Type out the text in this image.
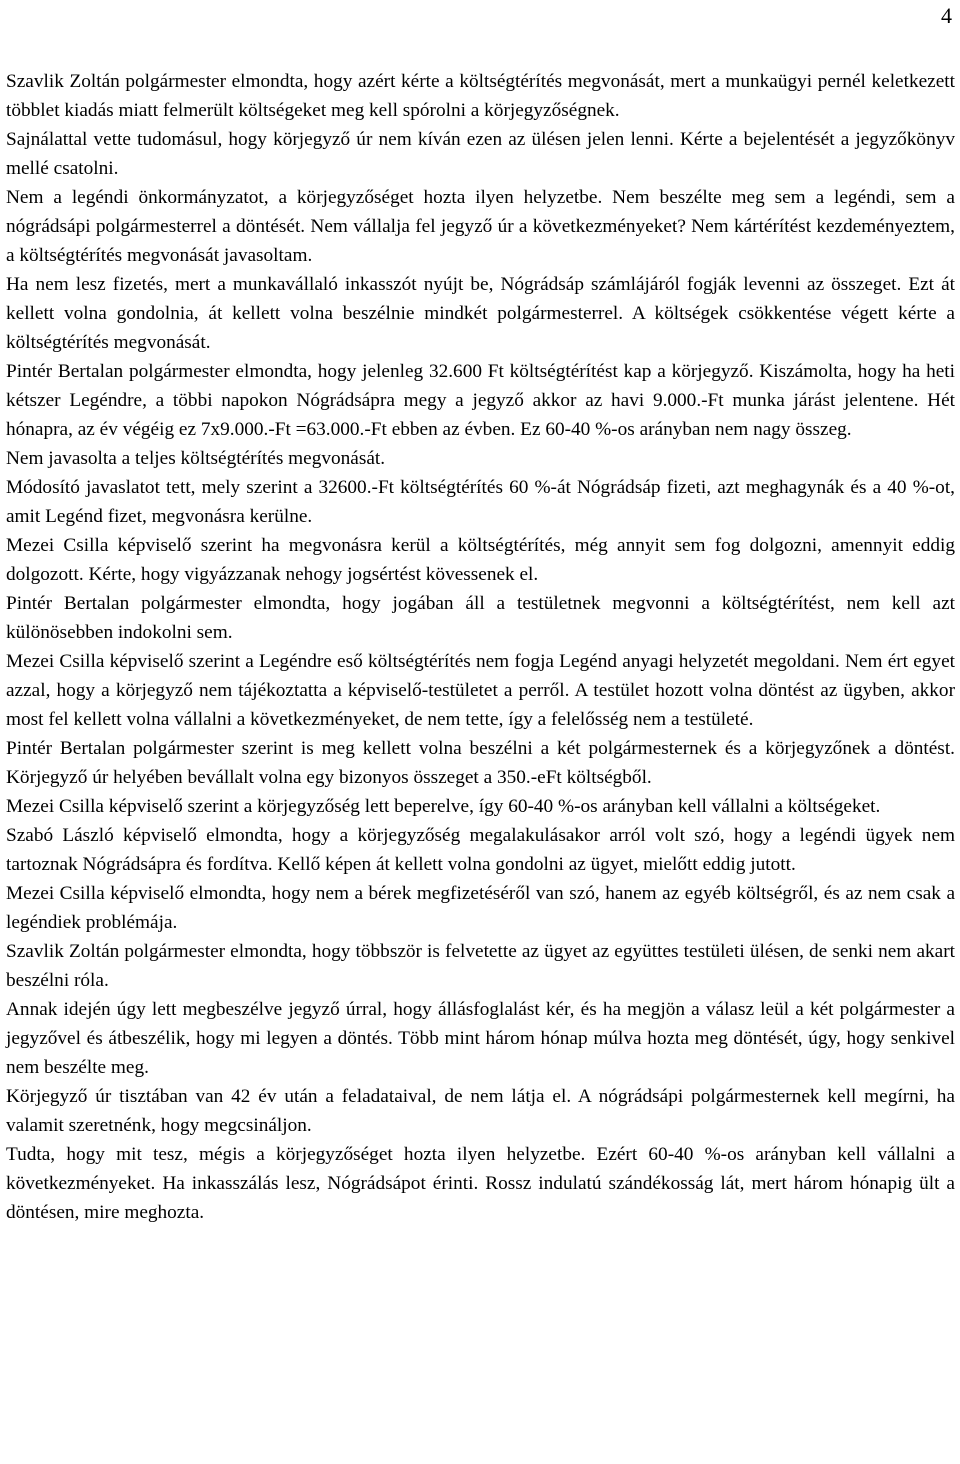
4

Szavlik Zoltán polgármester elmondta, hogy azért kérte a költségtérítés megvonását, mert a munkaügyi pernél keletkezett többlet kiadás miatt felmerült költségeket meg kell spórolni a körjegyzőségnek.

Sajnálattal vette tudomásul, hogy körjegyző úr nem kíván ezen az ülésen jelen lenni. Kérte a bejelentését a jegyzőkönyv mellé csatolni.

Nem a legéndi önkormányzatot, a körjegyzőséget hozta ilyen helyzetbe. Nem beszélte meg sem a legéndi, sem a nógrádsápi polgármesterrel a döntését. Nem vállalja fel jegyző úr a következményeket? Nem kártérítést kezdeményeztem, a költségtérítés megvonását javasoltam.

Ha nem lesz fizetés, mert a munkavállaló inkasszót nyújt be, Nógrádsáp számlájáról fogják levenni az összeget. Ezt át kellett volna gondolnia, át kellett volna beszélnie mindkét polgármesterrel. A költségek csökkentése végett kérte a költségtérítés megvonását.

Pintér Bertalan polgármester elmondta, hogy jelenleg 32.600 Ft költségtérítést kap a körjegyző. Kiszámolta, hogy ha heti kétszer Legéndre, a többi napokon Nógrádsápra megy a jegyző akkor az havi 9.000.-Ft munka járást jelentene. Hét hónapra, az év végéig ez 7x9.000.-Ft =63.000.-Ft ebben az évben. Ez 60-40 %-os arányban nem nagy összeg.

Nem javasolta a teljes költségtérítés megvonását.

Módosító javaslatot tett, mely szerint a 32600.-Ft költségtérítés 60 %-át Nógrádsáp fizeti, azt meghagynák és a 40 %-ot, amit Legénd fizet, megvonásra kerülne.

Mezei Csilla képviselő szerint ha megvonásra kerül a költségtérítés, még annyit sem fog dolgozni, amennyit eddig dolgozott. Kérte, hogy vigyázzanak nehogy jogsértést kövessenek el.

Pintér Bertalan polgármester elmondta, hogy jogában áll a testületnek megvonni a költségtérítést, nem kell azt különösebben indokolni sem.

Mezei Csilla képviselő szerint a Legéndre eső költségtérítés nem fogja Legénd anyagi helyzetét megoldani. Nem ért egyet azzal, hogy a körjegyző nem tájékoztatta a képviselő-testületet a perről. A testület hozott volna döntést az ügyben, akkor most fel kellett volna vállalni a következményeket, de nem tette, így a felelősség nem a testületé.

Pintér Bertalan polgármester szerint is meg kellett volna beszélni a két polgármesternek és a körjegyzőnek a döntést. Körjegyző úr helyében bevállalt volna egy bizonyos összeget a 350.-eFt költségből.

Mezei Csilla képviselő szerint a körjegyzőség lett beperelve, így 60-40 %-os arányban kell vállalni a költségeket.

Szabó László képviselő elmondta, hogy a körjegyzőség megalakulásakor arról volt szó, hogy a legéndi ügyek nem tartoznak Nógrádsápra és fordítva. Kellő képen át kellett volna gondolni az ügyet, mielőtt eddig jutott.

Mezei Csilla képviselő elmondta, hogy nem a bérek megfizetéséről van szó, hanem az egyéb költségről, és az nem csak a legéndiek problémája.

Szavlik Zoltán polgármester elmondta, hogy többször is felvetette az ügyet az együttes testületi ülésen, de senki nem akart beszélni róla.

Annak idején úgy lett megbeszélve jegyző úrral, hogy állásfoglalást kér, és ha megjön a válasz leül a két polgármester a jegyzővel és átbeszélik, hogy mi legyen a döntés. Több mint három hónap múlva hozta meg döntését, úgy, hogy senkivel nem beszélte meg.

Körjegyző úr tisztában van 42 év után a feladataival, de nem látja el. A nógrádsápi polgármesternek kell megírni, ha valamit szeretnénk, hogy megcsináljon.

Tudta, hogy mit tesz, mégis a körjegyzőséget hozta ilyen helyzetbe. Ezért 60-40 %-os arányban kell vállalni a következményeket. Ha inkasszálás lesz, Nógrádsápot érinti. Rossz indulatú szándékosság lát, mert három hónapig ült a döntésen, mire meghozta.
